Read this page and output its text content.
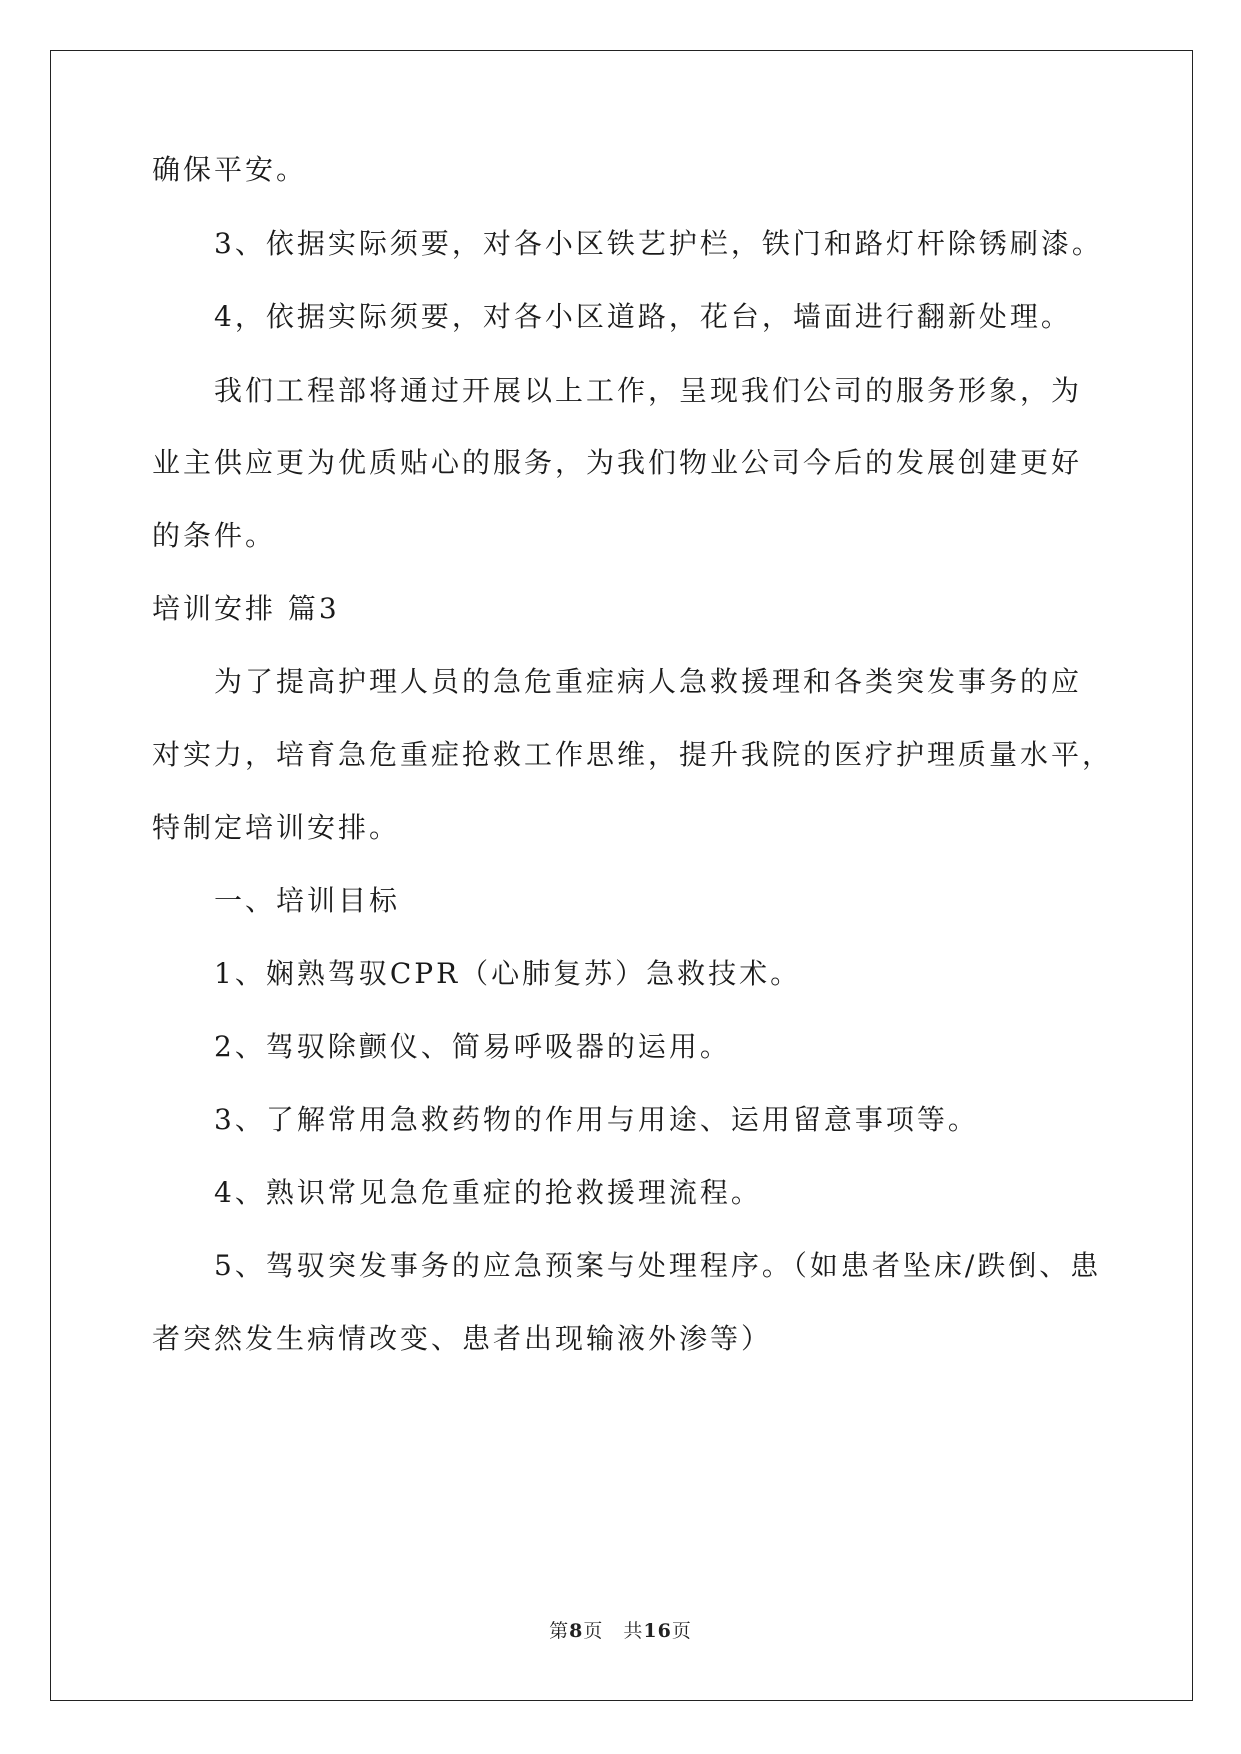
确保平安。
3、依据实际须要，对各小区铁艺护栏，铁门和路灯杆除锈刷漆。
4，依据实际须要，对各小区道路，花台，墙面进行翻新处理。
我们工程部将通过开展以上工作，呈现我们公司的服务形象，为
业主供应更为优质贴心的服务，为我们物业公司今后的发展创建更好
的条件。
培训安排 篇3
为了提高护理人员的急危重症病人急救援理和各类突发事务的应
对实力，培育急危重症抢救工作思维，提升我院的医疗护理质量水平，
特制定培训安排。
一、培训目标
1、娴熟驾驭CPR（心肺复苏）急救技术。
2、驾驭除颤仪、简易呼吸器的运用。
3、了解常用急救药物的作用与用途、运用留意事项等。
4、熟识常见急危重症的抢救援理流程。
5、驾驭突发事务的应急预案与处理程序。（如患者坠床/跌倒、患
者突然发生病情改变、患者出现输液外渗等）
第8页　共16页
